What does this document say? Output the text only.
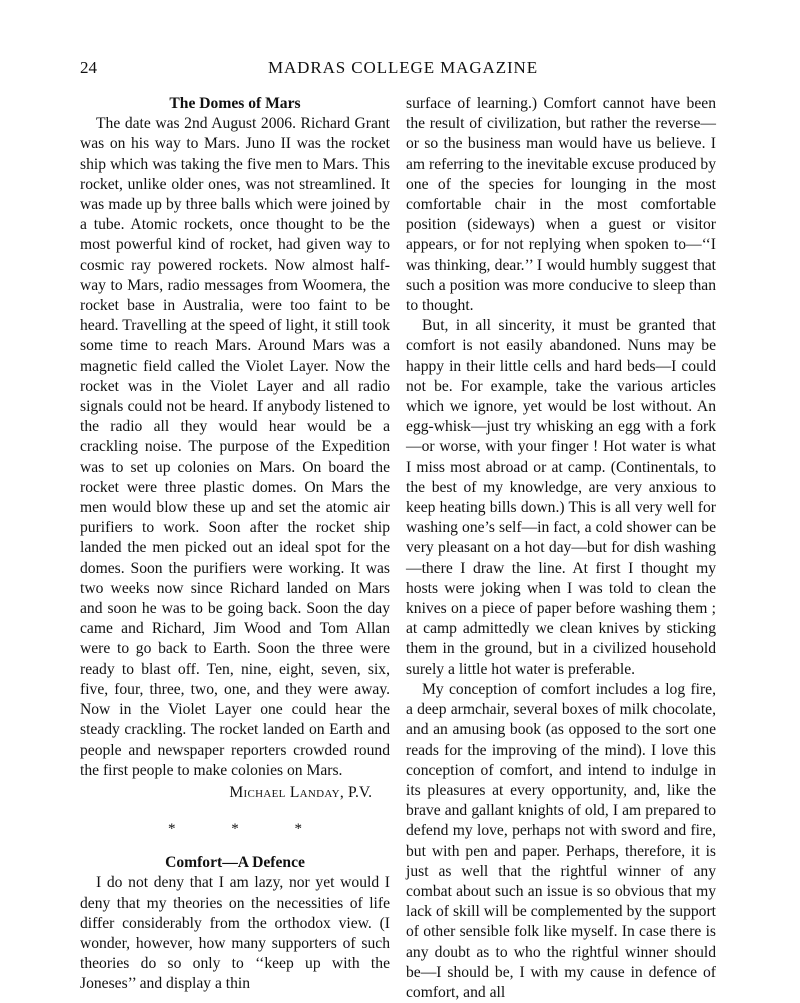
24	MADRAS COLLEGE MAGAZINE
The Domes of Mars

The date was 2nd August 2006. Richard Grant was on his way to Mars. Juno II was the rocket ship which was taking the five men to Mars. This rocket, unlike older ones, was not streamlined. It was made up by three balls which were joined by a tube. Atomic rockets, once thought to be the most powerful kind of rocket, had given way to cosmic ray powered rockets. Now almost half-way to Mars, radio messages from Woomera, the rocket base in Australia, were too faint to be heard. Travelling at the speed of light, it still took some time to reach Mars. Around Mars was a magnetic field called the Violet Layer. Now the rocket was in the Violet Layer and all radio signals could not be heard. If anybody listened to the radio all they would hear would be a crackling noise. The purpose of the Expedition was to set up colonies on Mars. On board the rocket were three plastic domes. On Mars the men would blow these up and set the atomic air purifiers to work. Soon after the rocket ship landed the men picked out an ideal spot for the domes. Soon the purifiers were working. It was two weeks now since Richard landed on Mars and soon he was to be going back. Soon the day came and Richard, Jim Wood and Tom Allan were to go back to Earth. Soon the three were ready to blast off. Ten, nine, eight, seven, six, five, four, three, two, one, and they were away. Now in the Violet Layer one could hear the steady crackling. The rocket landed on Earth and people and newspaper reporters crowded round the first people to make colonies on Mars.

Michael Landay, P.V.
* * *
Comfort—A Defence

I do not deny that I am lazy, nor yet would I deny that my theories on the necessities of life differ considerably from the orthodox view. (I wonder, however, how many supporters of such theories do so only to ‘‘keep up with the Joneses’’ and display a thin

surface of learning.) Comfort cannot have been the result of civilization, but rather the reverse—or so the business man would have us believe. I am referring to the inevitable excuse produced by one of the species for lounging in the most comfortable chair in the most comfortable position (sideways) when a guest or visitor appears, or for not replying when spoken to—‘‘I was thinking, dear.’’ I would humbly suggest that such a position was more conducive to sleep than to thought.

But, in all sincerity, it must be granted that comfort is not easily abandoned. Nuns may be happy in their little cells and hard beds—I could not be. For example, take the various articles which we ignore, yet would be lost without. An egg-whisk—just try whisking an egg with a fork—or worse, with your finger ! Hot water is what I miss most abroad or at camp. (Continentals, to the best of my knowledge, are very anxious to keep heating bills down.) This is all very well for washing one’s self—in fact, a cold shower can be very pleasant on a hot day—but for dish washing—there I draw the line. At first I thought my hosts were joking when I was told to clean the knives on a piece of paper before washing them ; at camp admittedly we clean knives by sticking them in the ground, but in a civilized household surely a little hot water is preferable.

My conception of comfort includes a log fire, a deep armchair, several boxes of milk chocolate, and an amusing book (as opposed to the sort one reads for the improving of the mind). I love this conception of comfort, and intend to indulge in its pleasures at every opportunity, and, like the brave and gallant knights of old, I am prepared to defend my love, perhaps not with sword and fire, but with pen and paper. Perhaps, therefore, it is just as well that the rightful winner of any combat about such an issue is so obvious that my lack of skill will be complemented by the support of other sensible folk like myself. In case there is any doubt as to who the rightful winner should be—I should be, I with my cause in defence of comfort, and all
